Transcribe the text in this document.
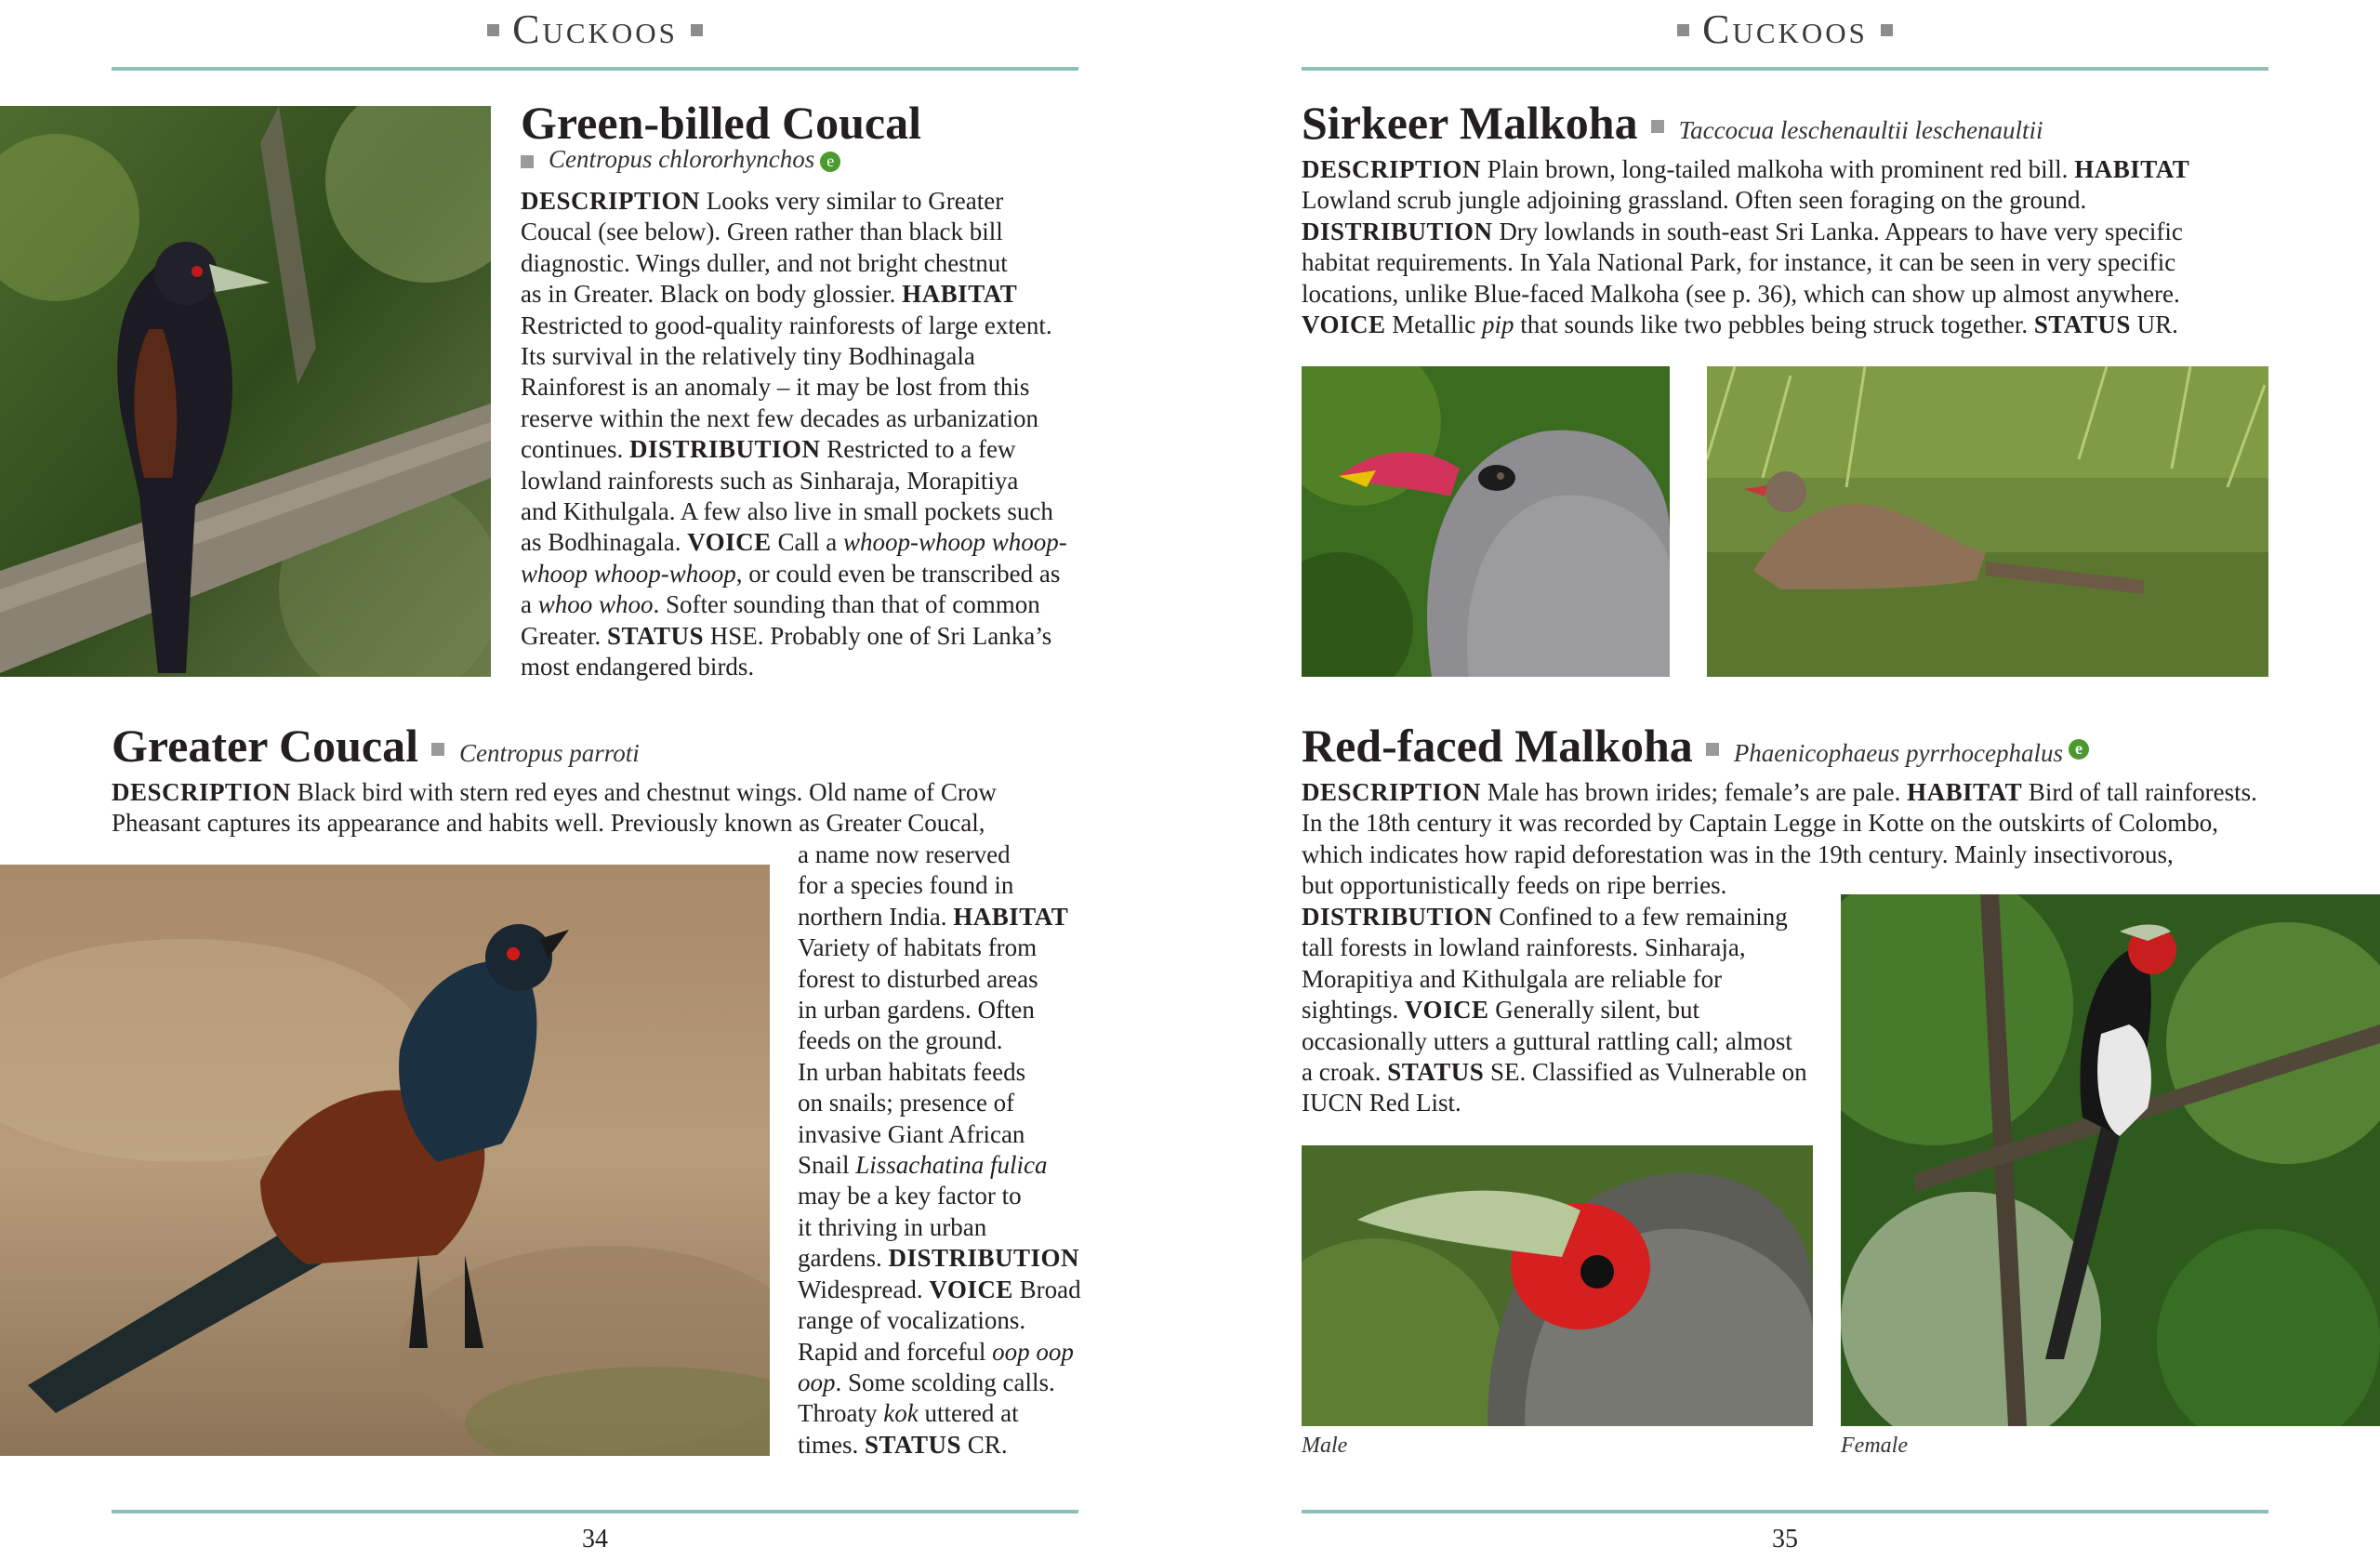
Cuckoos
Green-billed Coucal
Centropus chlororhynchos e
DESCRIPTION Looks very similar to Greater
Coucal (see below). Green rather than black bill
diagnostic. Wings duller, and not bright chestnut
as in Greater. Black on body glossier. HABITAT
Restricted to good-quality rainforests of large extent.
Its survival in the relatively tiny Bodhinagala
Rainforest is an anomaly – it may be lost from this
reserve within the next few decades as urbanization
continues. DISTRIBUTION Restricted to a few
lowland rainforests such as Sinharaja, Morapitiya
and Kithulgala. A few also live in small pockets such
as Bodhinagala. VOICE Call a whoop-whoop whoop-
whoop whoop-whoop, or could even be transcribed as
a whoo whoo. Softer sounding than that of common
Greater. STATUS HSE. Probably one of Sri Lanka’s
most endangered birds.
Greater Coucal Centropus parroti
DESCRIPTION Black bird with stern red eyes and chestnut wings. Old name of Crow
Pheasant captures its appearance and habits well. Previously known as Greater Coucal,
a name now reserved
for a species found in
northern India. HABITAT
Variety of habitats from
forest to disturbed areas
in urban gardens. Often
feeds on the ground.
In urban habitats feeds
on snails; presence of
invasive Giant African
Snail Lissachatina fulica
may be a key factor to
it thriving in urban
gardens. DISTRIBUTION
Widespread. VOICE Broad
range of vocalizations.
Rapid and forceful oop oop
oop. Some scolding calls.
Throaty kok uttered at
times. STATUS CR.
34
Cuckoos
Sirkeer Malkoha Taccocua leschenaultii leschenaultii
DESCRIPTION Plain brown, long-tailed malkoha with prominent red bill. HABITAT
Lowland scrub jungle adjoining grassland. Often seen foraging on the ground.
DISTRIBUTION Dry lowlands in south-east Sri Lanka. Appears to have very specific
habitat requirements. In Yala National Park, for instance, it can be seen in very specific
locations, unlike Blue-faced Malkoha (see p. 36), which can show up almost anywhere.
VOICE Metallic pip that sounds like two pebbles being struck together. STATUS UR.
Red-faced Malkoha Phaenicophaeus pyrrhocephalus e
DESCRIPTION Male has brown irides; female’s are pale. HABITAT Bird of tall rainforests.
In the 18th century it was recorded by Captain Legge in Kotte on the outskirts of Colombo,
which indicates how rapid deforestation was in the 19th century. Mainly insectivorous,
but opportunistically feeds on ripe berries.
DISTRIBUTION Confined to a few remaining
tall forests in lowland rainforests. Sinharaja,
Morapitiya and Kithulgala are reliable for
sightings. VOICE Generally silent, but
occasionally utters a guttural rattling call; almost
a croak. STATUS SE. Classified as Vulnerable on
IUCN Red List.
Male	Female
35
